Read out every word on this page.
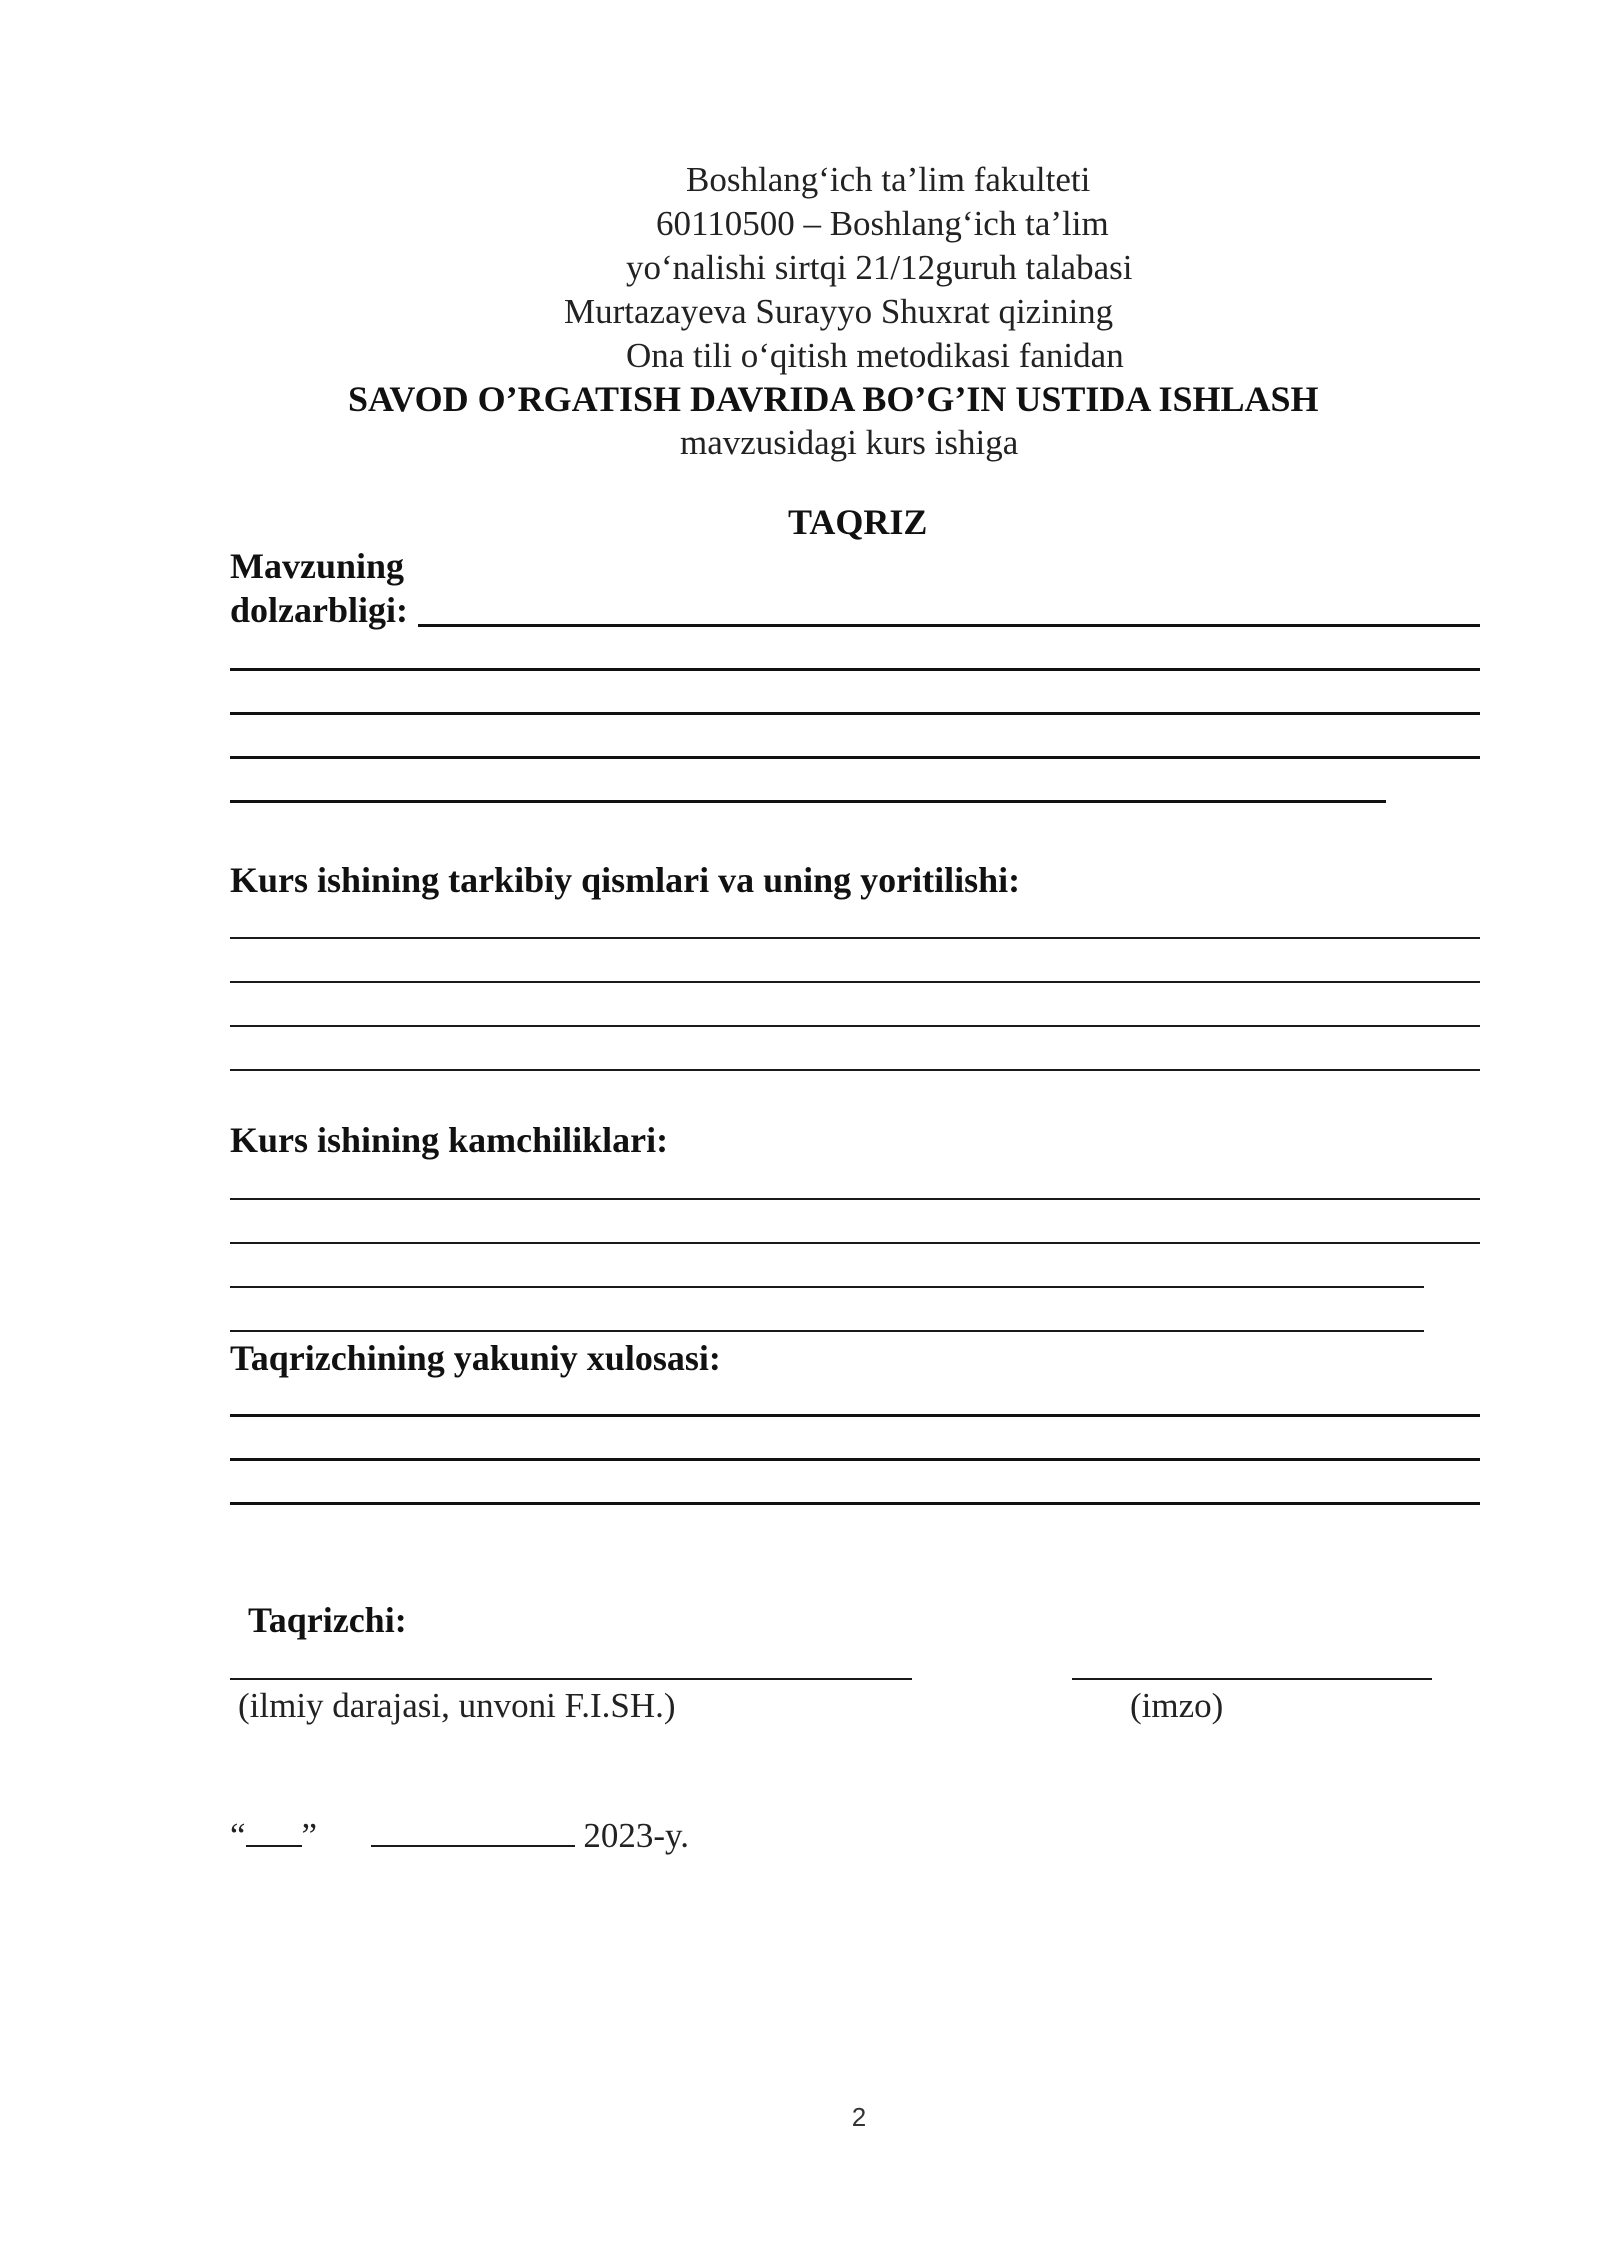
Boshlang‘ich ta’lim fakulteti
60110500 – Boshlang‘ich ta’lim
yo‘nalishi sirtqi 21/12guruh talabasi
Murtazayeva Surayyo Shuxrat qizining
Ona tili o‘qitish metodikasi fanidan
SAVOD O’RGATISH DAVRIDA BO’G’IN USTIDA ISHLASH
mavzusidagi kurs ishiga
TAQRIZ
Mavzuning
dolzarbligi:
Kurs ishining tarkibiy qismlari va uning yoritilishi:
Kurs ishining kamchiliklari:
Taqrizchining yakuniy xulosasi:
Taqrizchi:
(ilmiy darajasi, unvoni F.I.SH.)	(imzo)
“ ”	2023-y.
2
